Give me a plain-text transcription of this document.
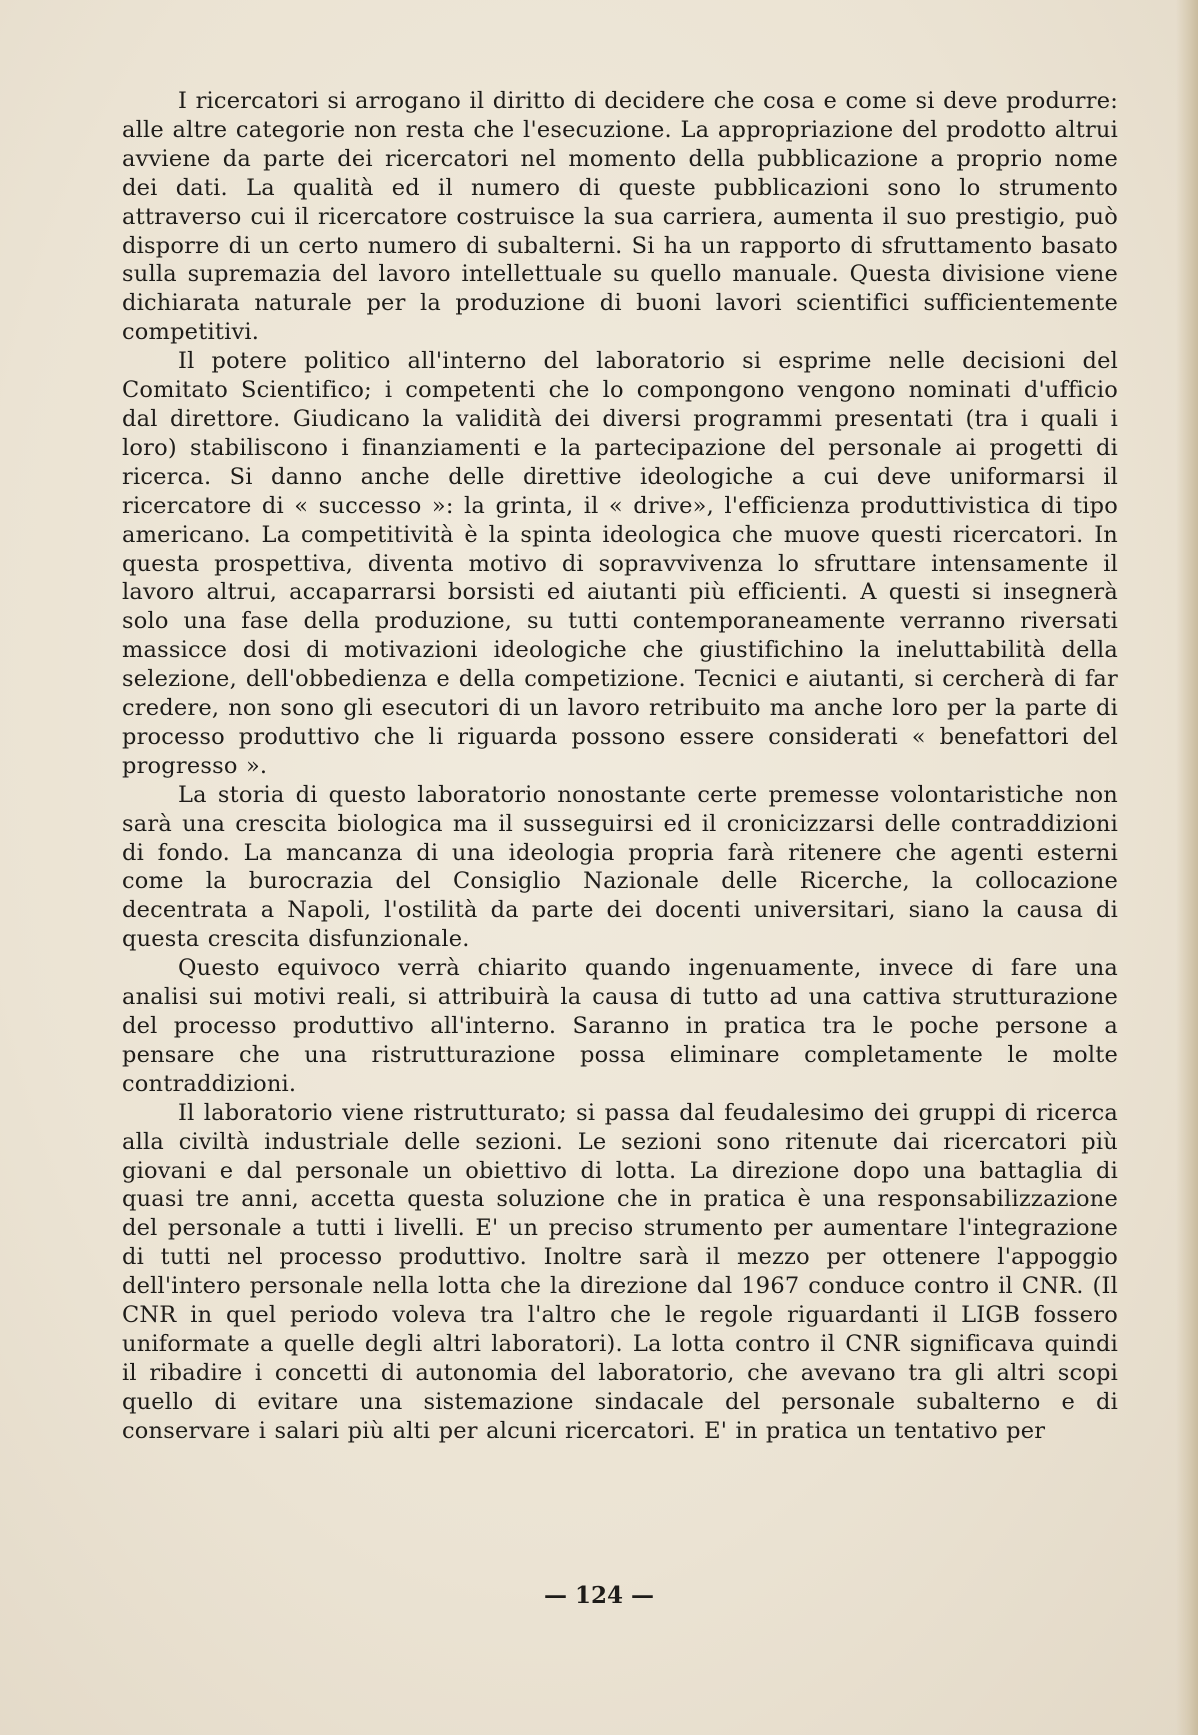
I ricercatori si arrogano il diritto di decidere che cosa e come si deve produrre: alle altre categorie non resta che l'esecuzione. La appropriazione del prodotto altrui avviene da parte dei ricercatori nel momento della pubblicazione a proprio nome dei dati. La qualità ed il numero di queste pubblicazioni sono lo strumento attraverso cui il ricercatore costruisce la sua carriera, aumenta il suo prestigio, può disporre di un certo numero di subalterni. Si ha un rapporto di sfruttamento basato sulla supremazia del lavoro intellettuale su quello manuale. Questa divisione viene dichiarata naturale per la produzione di buoni lavori scientifici sufficientemente competitivi.

Il potere politico all'interno del laboratorio si esprime nelle decisioni del Comitato Scientifico; i competenti che lo compongono vengono nominati d'ufficio dal direttore. Giudicano la validità dei diversi programmi presentati (tra i quali i loro) stabiliscono i finanziamenti e la partecipazione del personale ai progetti di ricerca. Si danno anche delle direttive ideologiche a cui deve uniformarsi il ricercatore di « successo »: la grinta, il « drive», l'efficienza produttivistica di tipo americano. La competitività è la spinta ideologica che muove questi ricercatori. In questa prospettiva, diventa motivo di sopravvivenza lo sfruttare intensamente il lavoro altrui, accaparrarsi borsisti ed aiutanti più efficienti. A questi si insegnerà solo una fase della produzione, su tutti contemporaneamente verranno riversati massicce dosi di motivazioni ideologiche che giustifichino la ineluttabilità della selezione, dell'obbedienza e della competizione. Tecnici e aiutanti, si cercherà di far credere, non sono gli esecutori di un lavoro retribuito ma anche loro per la parte di processo produttivo che li riguarda possono essere considerati « benefattori del progresso ».

La storia di questo laboratorio nonostante certe premesse volontaristiche non sarà una crescita biologica ma il susseguirsi ed il cronicizzarsi delle contraddizioni di fondo. La mancanza di una ideologia propria farà ritenere che agenti esterni come la burocrazia del Consiglio Nazionale delle Ricerche, la collocazione decentrata a Napoli, l'ostilità da parte dei docenti universitari, siano la causa di questa crescita disfunzionale.

Questo equivoco verrà chiarito quando ingenuamente, invece di fare una analisi sui motivi reali, si attribuirà la causa di tutto ad una cattiva strutturazione del processo produttivo all'interno. Saranno in pratica tra le poche persone a pensare che una ristrutturazione possa eliminare completamente le molte contraddizioni.

Il laboratorio viene ristrutturato; si passa dal feudalesimo dei gruppi di ricerca alla civiltà industriale delle sezioni. Le sezioni sono ritenute dai ricercatori più giovani e dal personale un obiettivo di lotta. La direzione dopo una battaglia di quasi tre anni, accetta questa soluzione che in pratica è una responsabilizzazione del personale a tutti i livelli. E' un preciso strumento per aumentare l'integrazione di tutti nel processo produttivo. Inoltre sarà il mezzo per ottenere l'appoggio dell'intero personale nella lotta che la direzione dal 1967 conduce contro il CNR. (Il CNR in quel periodo voleva tra l'altro che le regole riguardanti il LIGB fossero uniformate a quelle degli altri laboratori). La lotta contro il CNR significava quindi il ribadire i concetti di autonomia del laboratorio, che avevano tra gli altri scopi quello di evitare una sistemazione sindacale del personale subalterno e di conservare i salari più alti per alcuni ricercatori. E' in pratica un tentativo per

— 124 —
